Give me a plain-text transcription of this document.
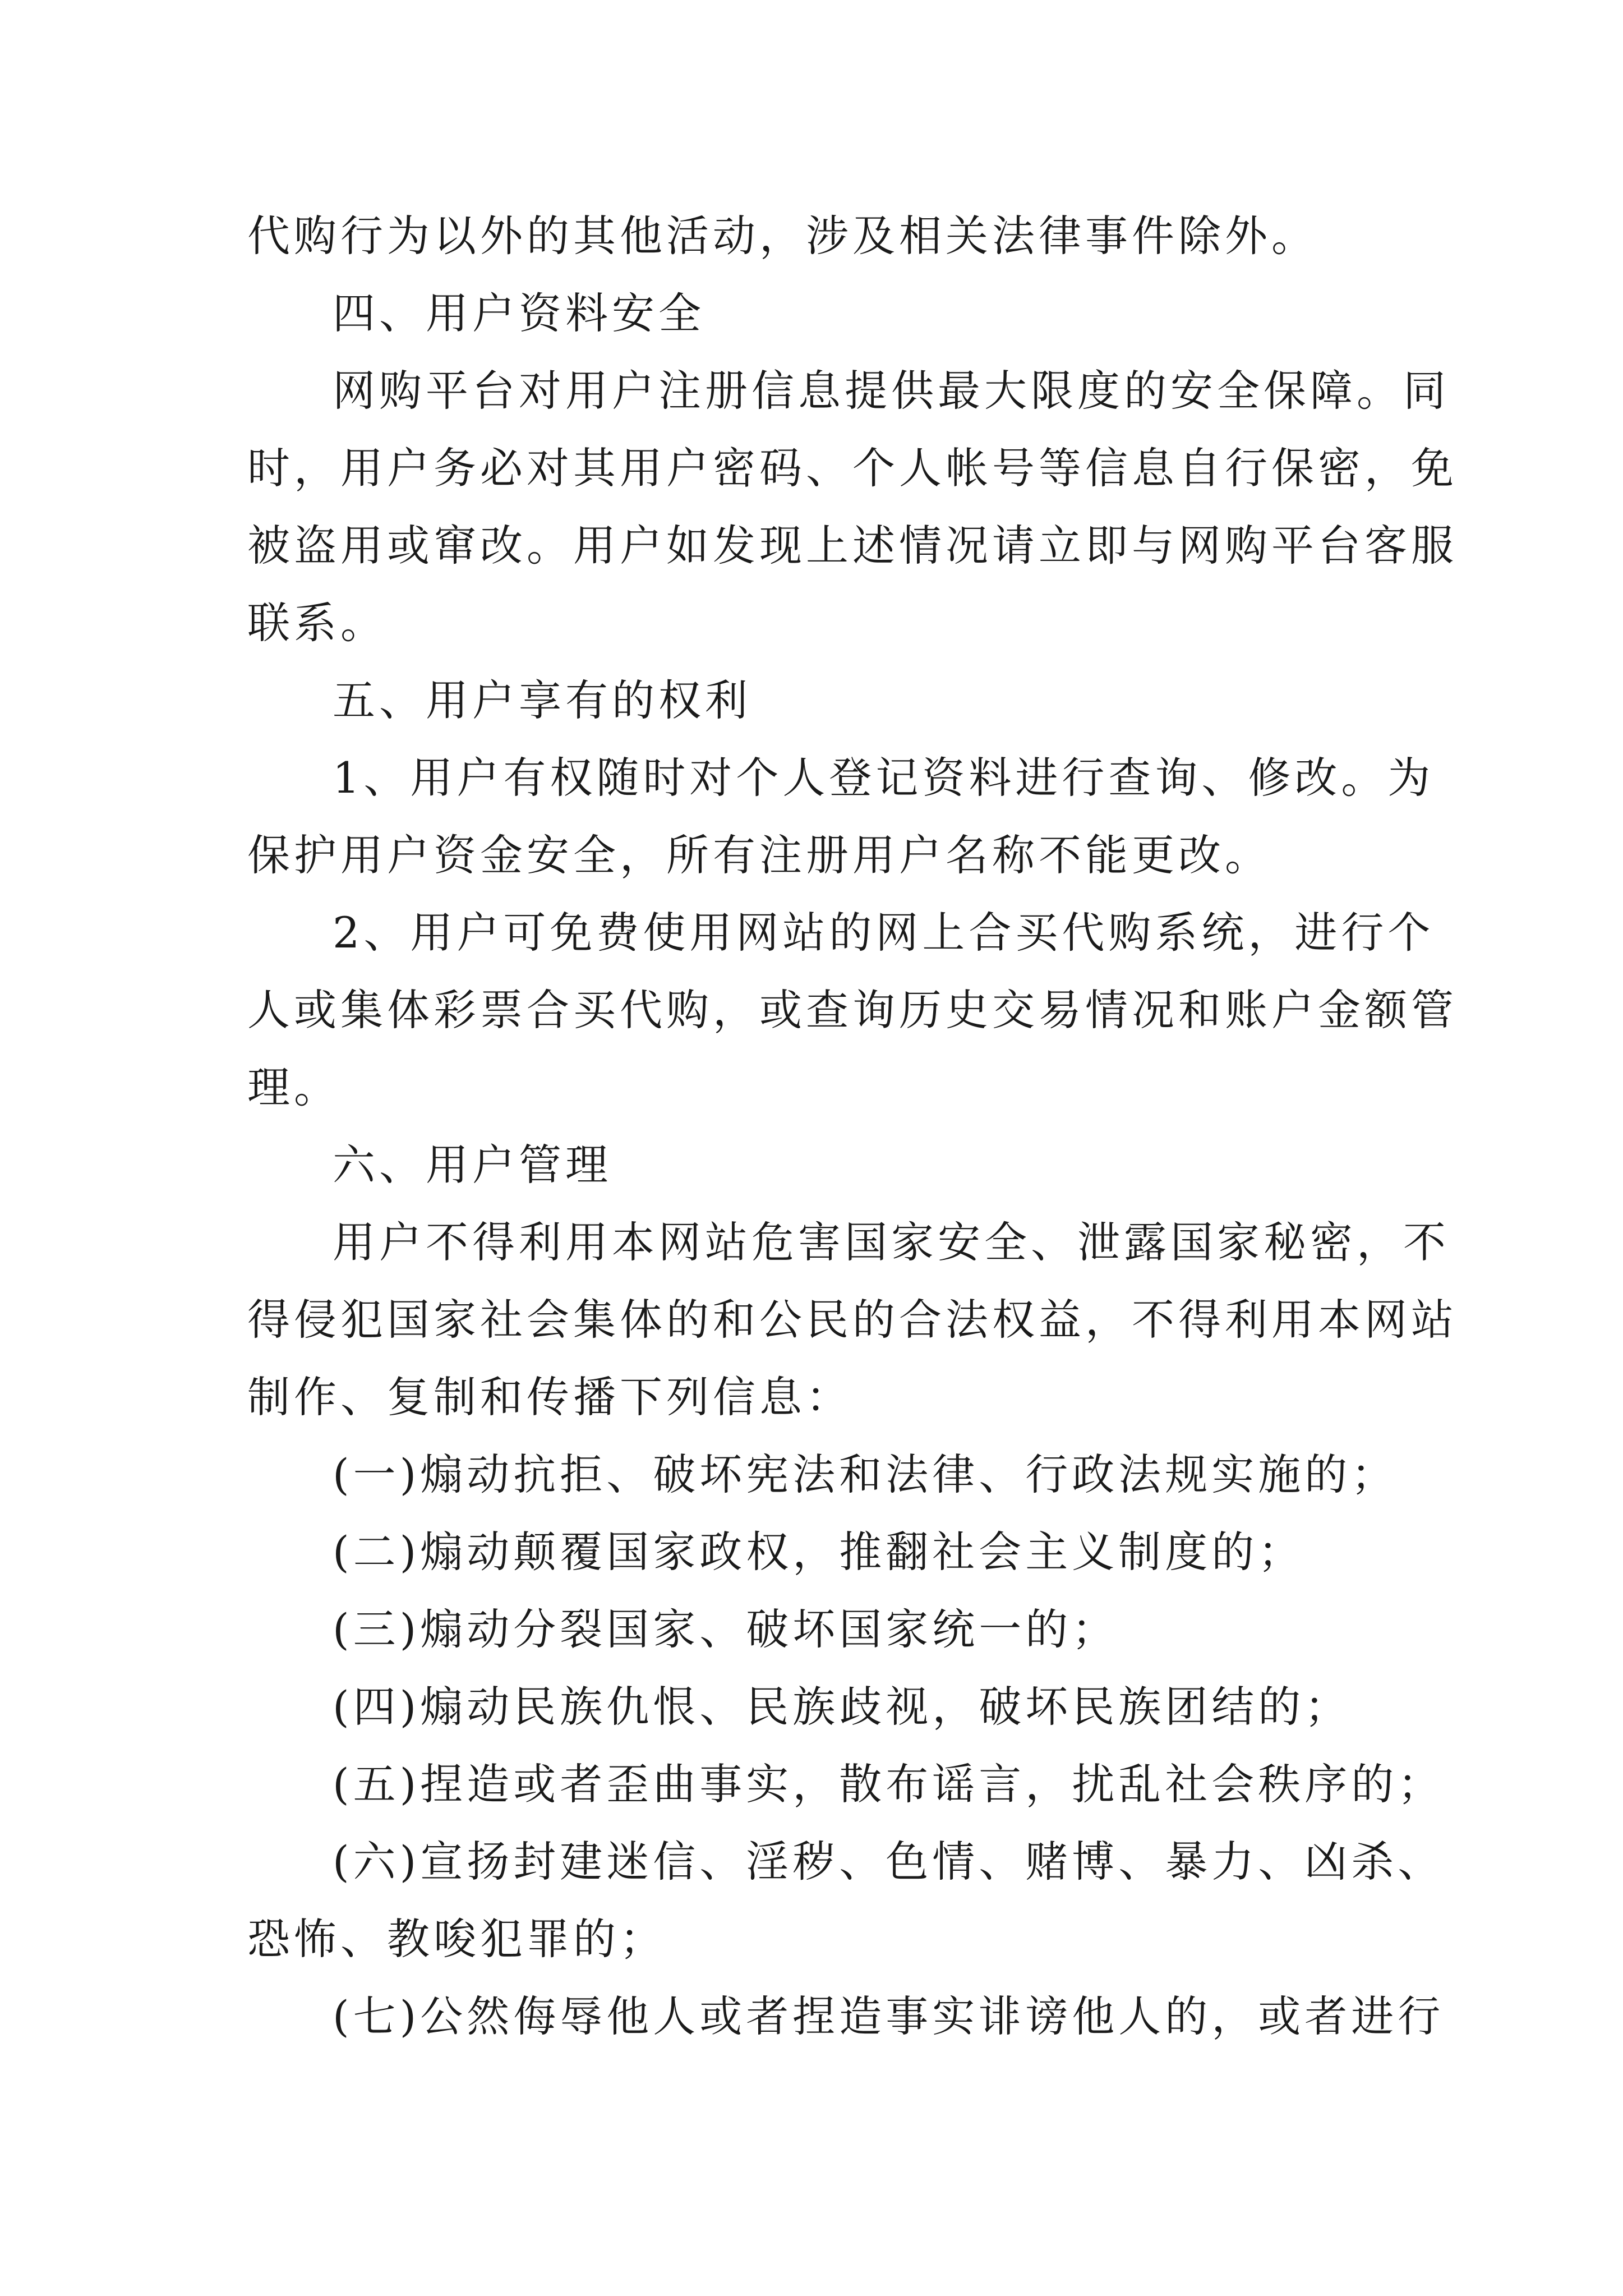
代购行为以外的其他活动，涉及相关法律事件除外。
四、用户资料安全
网购平台对用户注册信息提供最大限度的安全保障。同
时，用户务必对其用户密码、个人帐号等信息自行保密，免
被盗用或窜改。用户如发现上述情况请立即与网购平台客服
联系。
五、用户享有的权利
1、用户有权随时对个人登记资料进行查询、修改。为
保护用户资金安全，所有注册用户名称不能更改。
2、用户可免费使用网站的网上合买代购系统，进行个
人或集体彩票合买代购，或查询历史交易情况和账户金额管
理。
六、用户管理
用户不得利用本网站危害国家安全、泄露国家秘密，不
得侵犯国家社会集体的和公民的合法权益，不得利用本网站
制作、复制和传播下列信息：
(一)煽动抗拒、破坏宪法和法律、行政法规实施的；
(二)煽动颠覆国家政权，推翻社会主义制度的；
(三)煽动分裂国家、破坏国家统一的；
(四)煽动民族仇恨、民族歧视，破坏民族团结的；
(五)捏造或者歪曲事实，散布谣言，扰乱社会秩序的；
(六)宣扬封建迷信、淫秽、色情、赌博、暴力、凶杀、
恐怖、教唆犯罪的；
(七)公然侮辱他人或者捏造事实诽谤他人的，或者进行
